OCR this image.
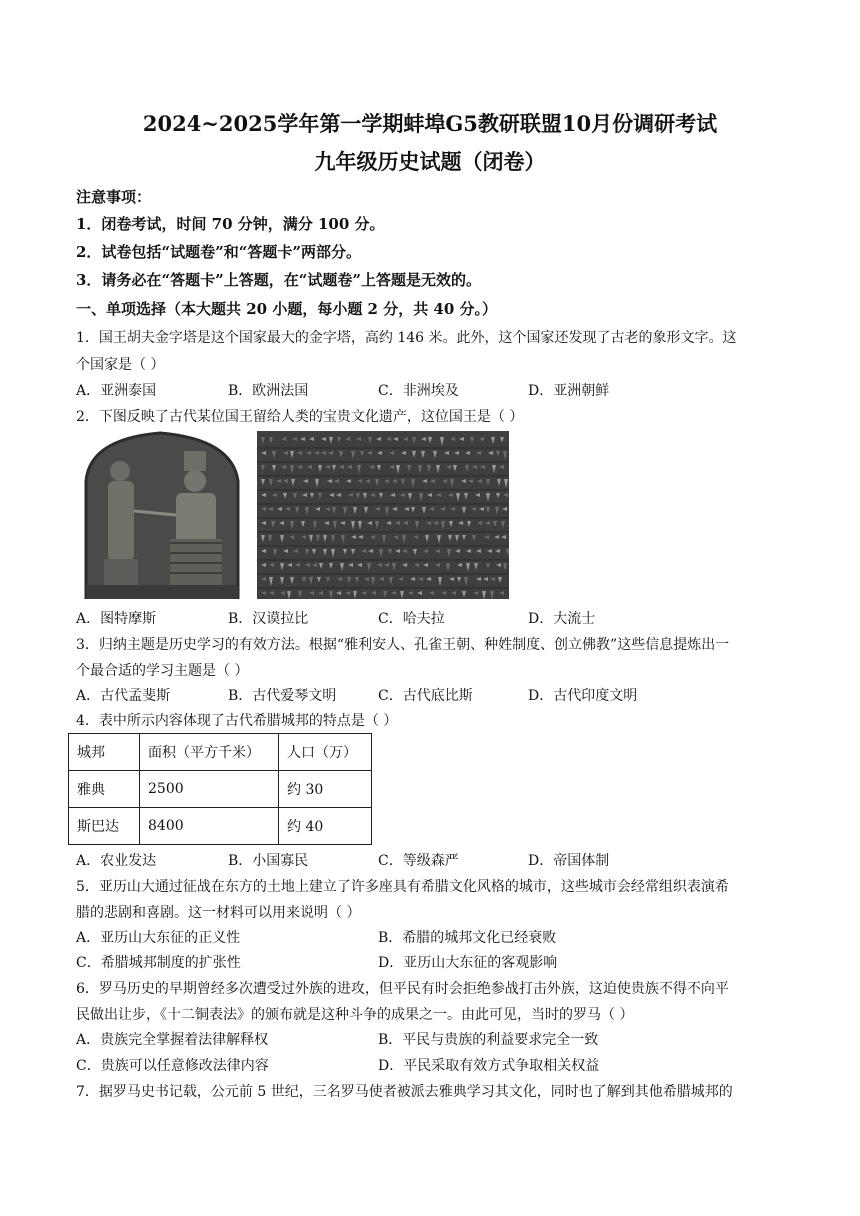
2024~2025学年第一学期蚌埠G5教研联盟10月份调研考试
九年级历史试题（闭卷）
注意事项：
1．闭卷考试，时间 70 分钟，满分 100 分。
2．试卷包括“试题卷”和“答题卡”两部分。
3．请务必在“答题卡”上答题，在“试题卷”上答题是无效的。
一、单项选择（本大题共 20 小题，每小题 2 分，共 40 分。）
1．国王胡夫金字塔是这个国家最大的金字塔，高约 146 米。此外，这个国家还发现了古老的象形文字。这
个国家是（ ）
A．亚洲泰国	B．欧洲法国	C．非洲埃及	D．亚洲朝鲜
2．下图反映了古代某位国王留给人类的宝贵文化遗产，这位国王是（ ）
A．图特摩斯	B．汉谟拉比	C．哈夫拉	D．大流士
3．归纳主题是历史学习的有效方法。根据“雅利安人、孔雀王朝、种姓制度、创立佛教”这些信息提炼出一
个最合适的学习主题是（ ）
A．古代孟斐斯	B．古代爱琴文明	C．古代底比斯	D．古代印度文明
4．表中所示内容体现了古代希腊城邦的特点是（ ）
城邦	面积（平方千米）	人口（万）
雅典	2500	约 30
斯巴达	8400	约 40
A．农业发达	B．小国寡民	C．等级森严	D．帝国体制
5．亚历山大通过征战在东方的土地上建立了许多座具有希腊文化风格的城市，这些城市会经常组织表演希
腊的悲剧和喜剧。这一材料可以用来说明（ ）
A．亚历山大东征的正义性	B．希腊的城邦文化已经衰败
C．希腊城邦制度的扩张性	D．亚历山大东征的客观影响
6．罗马历史的早期曾经多次遭受过外族的进攻，但平民有时会拒绝参战打击外族，这迫使贵族不得不向平
民做出让步，《十二铜表法》的颁布就是这种斗争的成果之一。由此可见，当时的罗马（ ）
A．贵族完全掌握着法律解释权	B．平民与贵族的利益要求完全一致
C．贵族可以任意修改法律内容	D．平民采取有效方式争取相关权益
7．据罗马史书记载，公元前 5 世纪，三名罗马使者被派去雅典学习其文化，同时也了解到其他希腊城邦的
